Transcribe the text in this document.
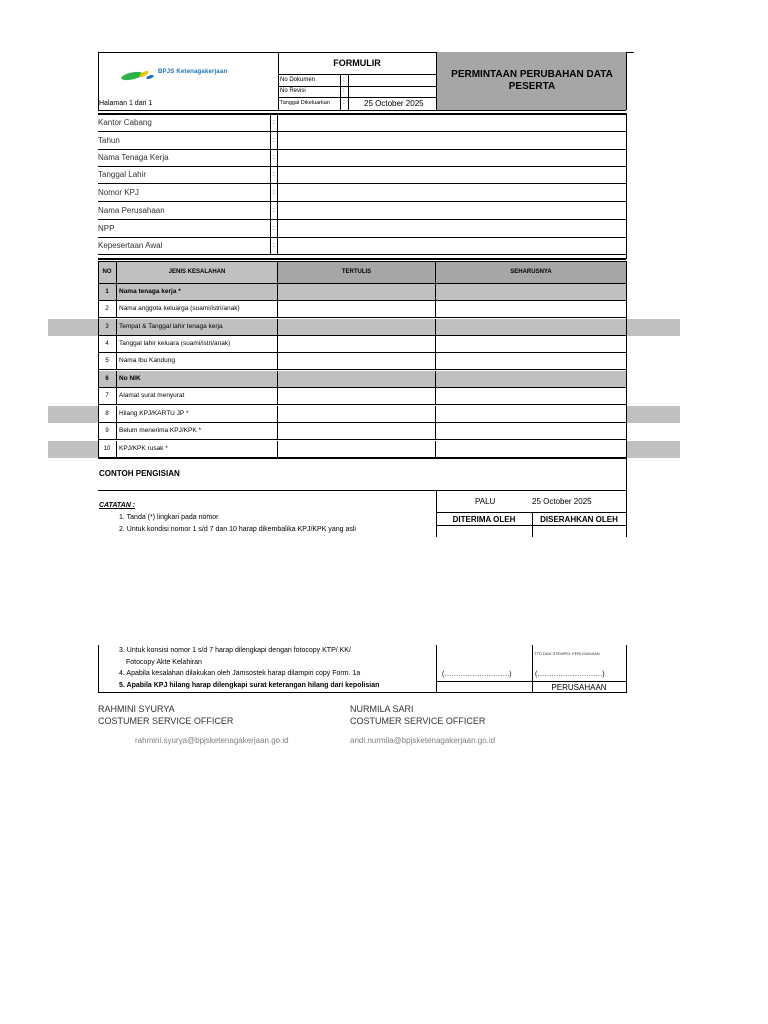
BPJS Ketenagakerjaan
FORMULIR
No Dokumen	:
No Revisi	:
Tanggal Dikeluarkan : 25 October 2025
PERMINTAAN PERUBAHAN DATA PESERTA
Halaman 1 dari 1
Kantor Cabang	:
Tahun	:
Nama Tenaga Kerja	:
Tanggal Lahir	:
Nomor KPJ	:
Nama Perusahaan	:
NPP	:
Kepesertaan Awal	:
NO	JENIS KESALAHAN	TERTULIS	SEHARUSNYA
1	Nama tenaga kerja *
2	Nama anggota keluarga (suami/istri/anak)
3	Tempat & Tanggal lahir tenaga kerja
4	Tanggal lahir keluara (suami/istri/anak)
5	Nama Ibu Kandung
6	No NIK
7	Alamat surat menyurat
8	Hilang KPJ/KARTU JP *
9	Belum menerima KPJ/KPK *
10	KPJ/KPK rusak *
CONTOH PENGISIAN
CATATAN :
1. Tanda (*) lingkari pada nomor
2. Untuk kondisi nomor 1 s/d 7 dan 10 harap dikembalika KPJ/KPK yang asli
PALU	25 October 2025
DITERIMA OLEH	DISERAHKAN OLEH
3. Untuk konsisi nomor 1 s/d 7 harap dilengkapi dengan fotocopy KTP/ KK/
Fotocopy Akte Kelahiran
4. Apabila kesalahan dilakukan oleh Jamsostek harap dilampiri copy Form. 1a
5. Apabila KPJ hilang harap dilengkapi surat keterangan hilang dari kepolisian
TTD DAN STEMPEL PERUSAHAAN
(……………………….)	(……………………….)
PERUSAHAAN
RAHMINI SYURYA
COSTUMER SERVICE OFFICER
rahmini.syurya@bpjsketenagakerjaan.go.id
NURMILA SARI
COSTUMER SERVICE OFFICER
andi.nurmila@bpjsketenagakerjaan.go.id
